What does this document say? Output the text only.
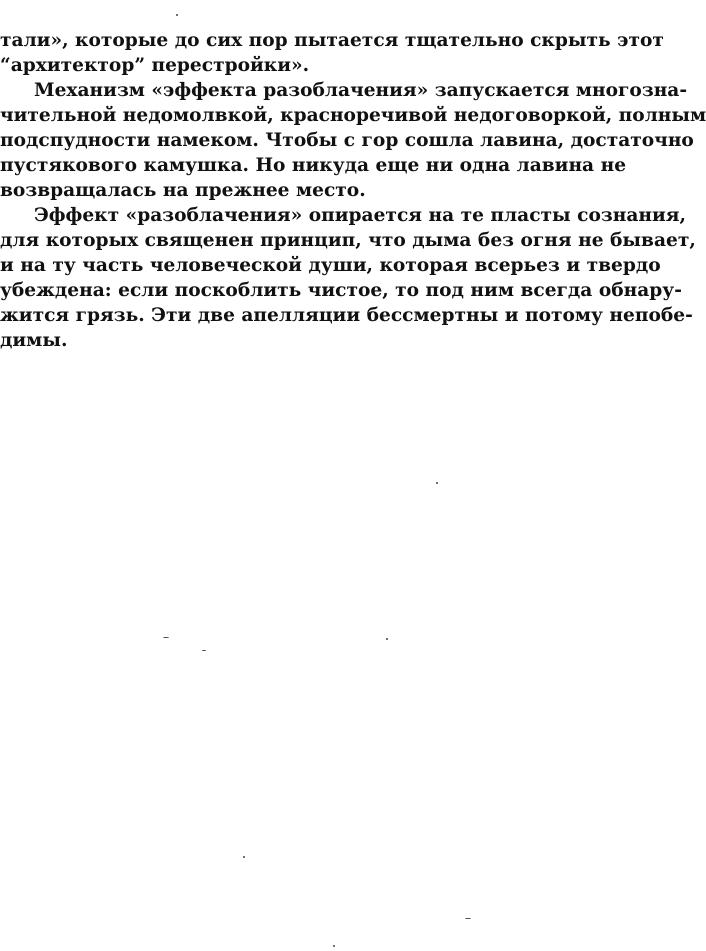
тали», которые до сих пор пытается тщательно скрыть этот
“архитектор” перестройки».
Механизм «эффекта разоблачения» запускается многозна-
чительной недомолвкой, красноречивой недоговоркой, полным
подспудности намеком. Чтобы с гор сошла лавина, достаточно
пустякового камушка. Но никуда еще ни одна лавина не
возвращалась на прежнее место.
Эффект «разоблачения» опирается на те пласты сознания,
для которых священен принцип, что дыма без огня не бывает,
и на ту часть человеческой души, которая всерьез и твердо
убеждена: если поскоблить чистое, то под ним всегда обнару-
жится грязь. Эти две апелляции бессмертны и потому непобе-
димы.
